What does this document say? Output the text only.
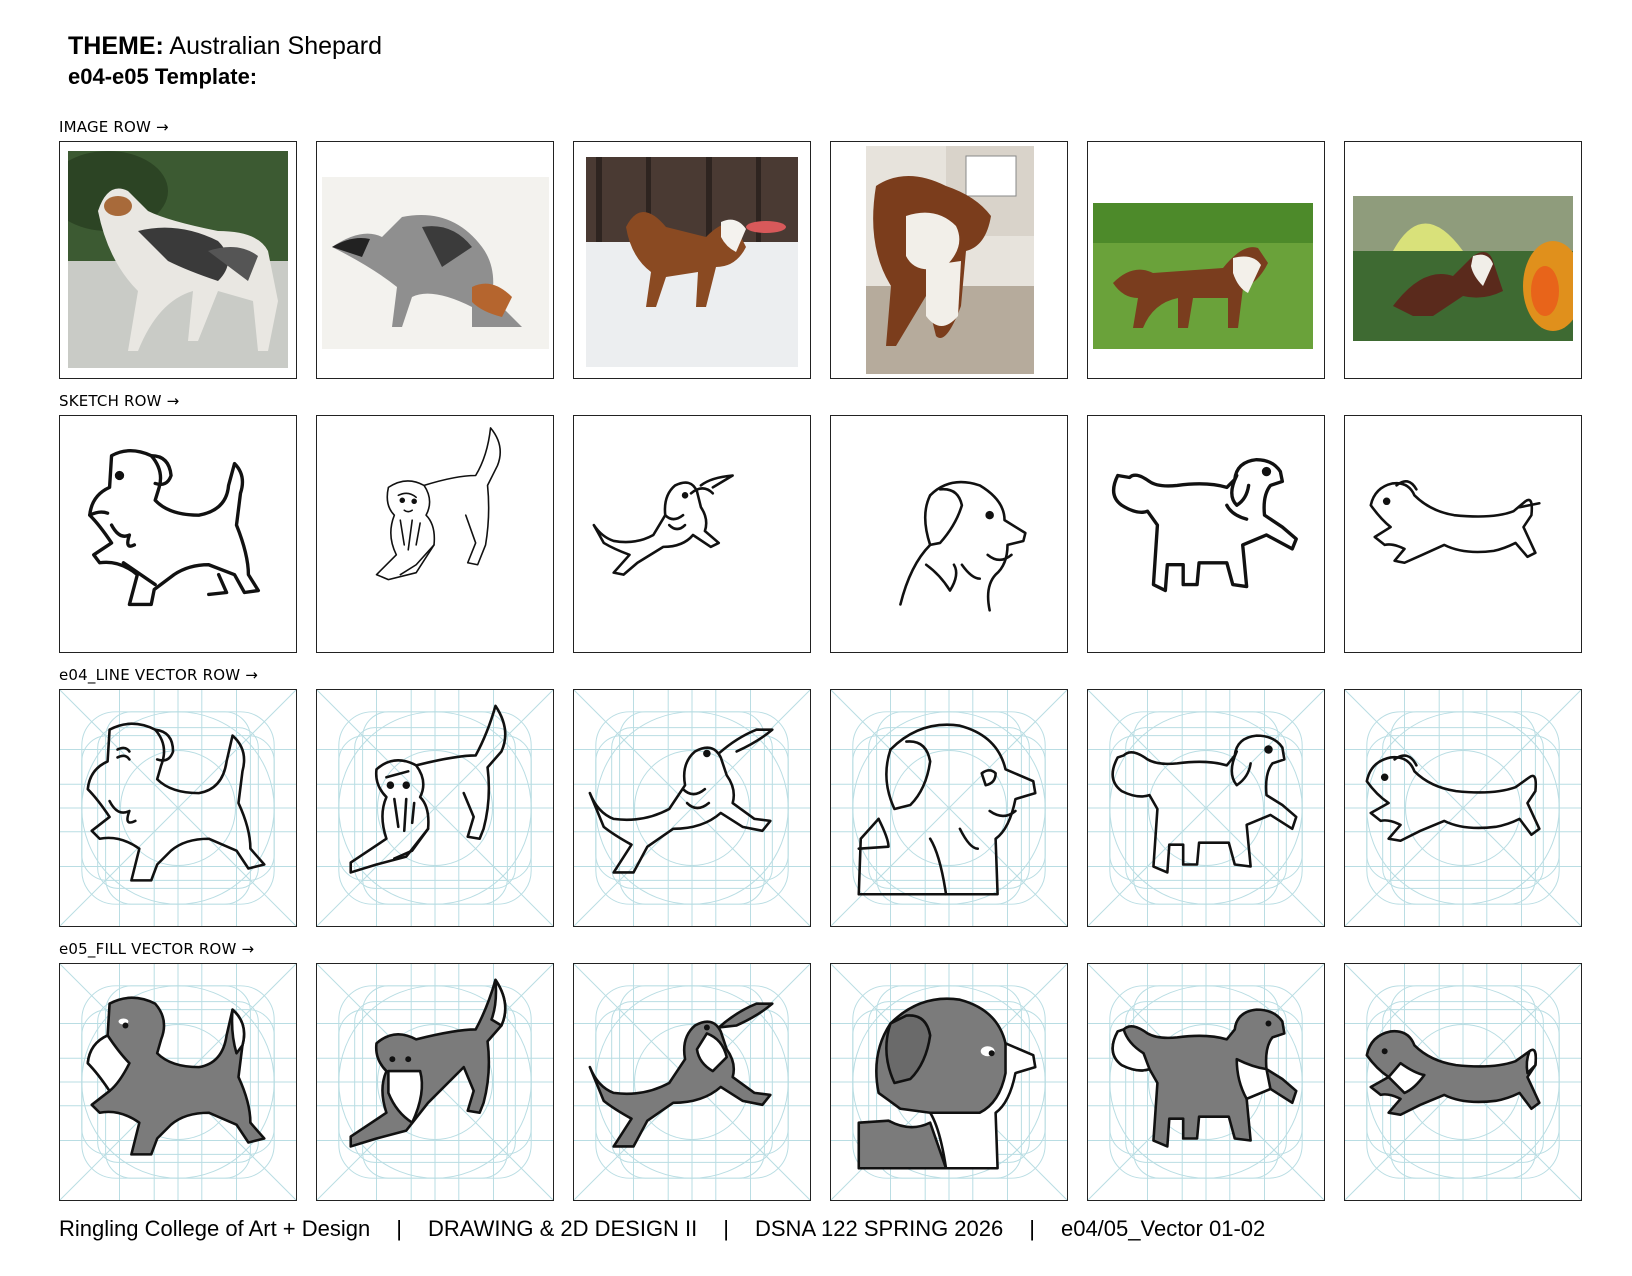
THEME: Australian Shepard
e04-e05 Template:
IMAGE ROW →
SKETCH ROW →
e04_LINE VECTOR ROW →
e05_FILL VECTOR ROW →
Ringling College of Art + Design | DRAWING & 2D DESIGN II | DSNA 122 SPRING 2026 | e04/05_Vector 01-02
